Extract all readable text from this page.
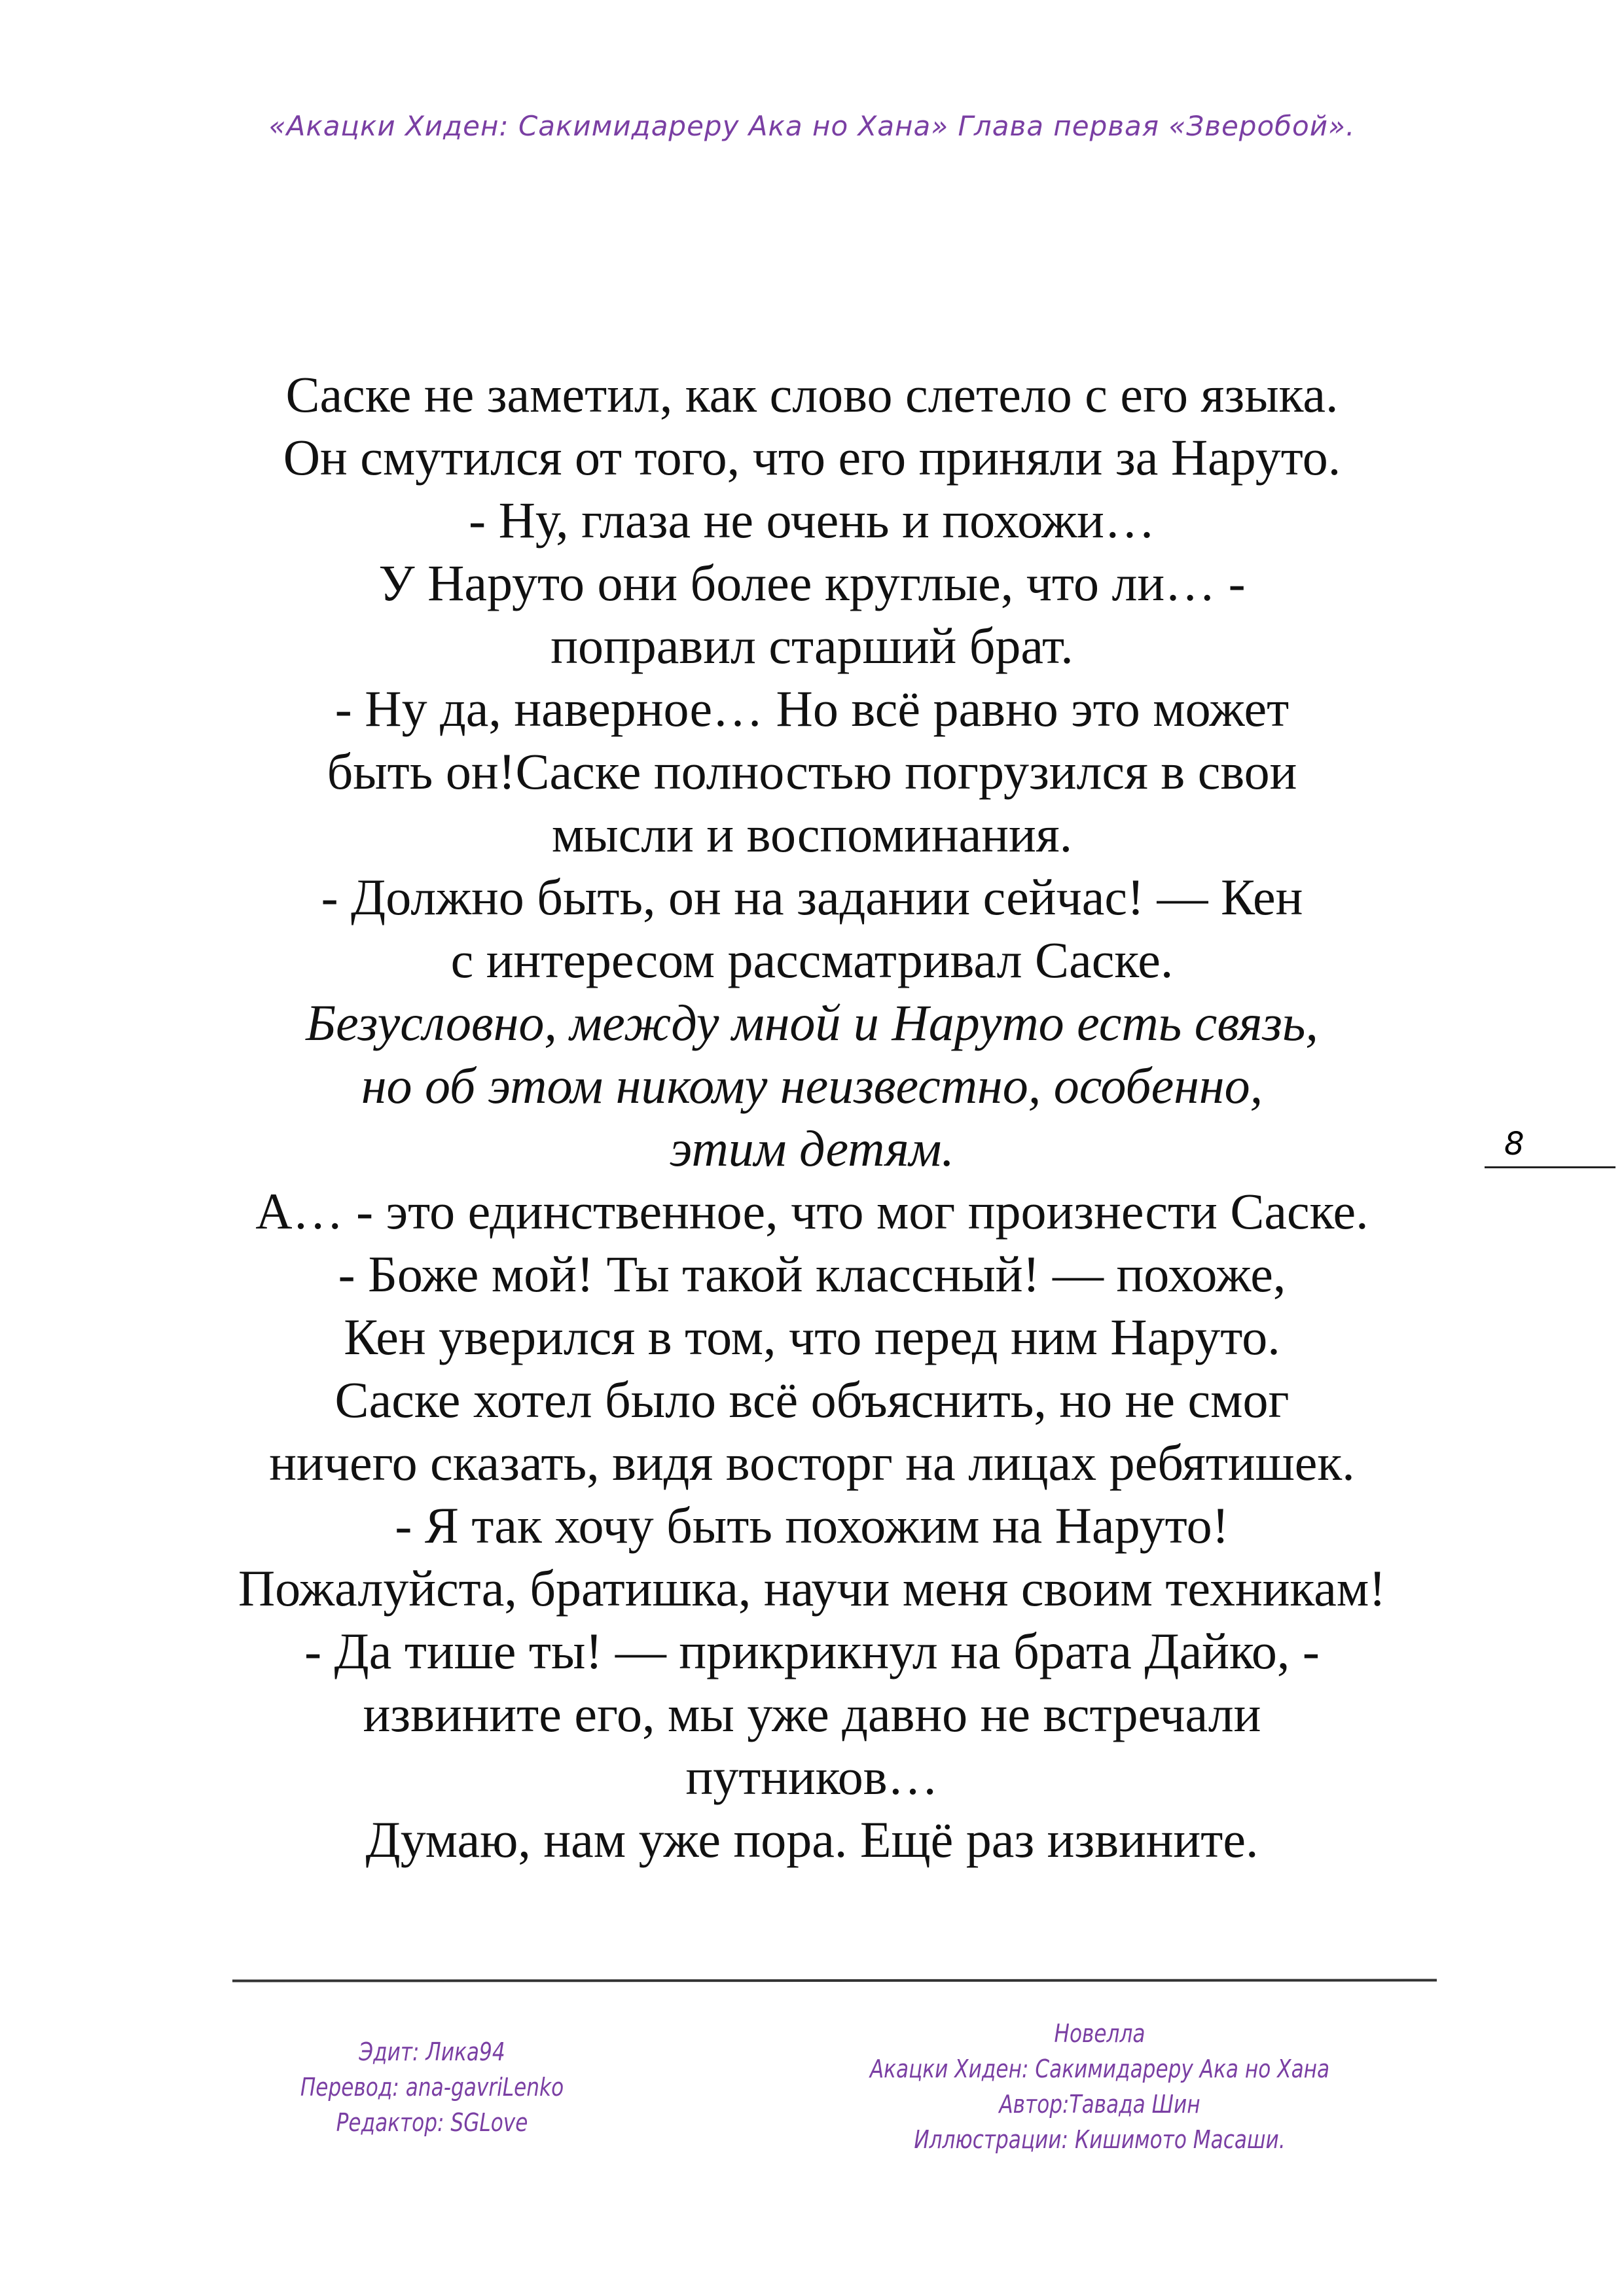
«Акацки Хиден: Сакимидареру Ака но Хана» Глава первая «Зверобой».
Саске не заметил, как слово слетело с его языка.
Он смутился от того, что его приняли за Наруто.
- Ну, глаза не очень и похожи…
У Наруто они более круглые, что ли… -
поправил старший брат.
- Ну да, наверное… Но всё равно это может
быть он!Саске полностью погрузился в свои
мысли и воспоминания.
- Должно быть, он на задании сейчас! — Кен
с интересом рассматривал Саске.
Безусловно, между мной и Наруто есть связь,
но об этом никому неизвестно, особенно,
этим детям.
А… - это единственное, что мог произнести Саске.
- Боже мой! Ты такой классный! — похоже,
Кен уверился в том, что перед ним Наруто.
Саске хотел было всё объяснить, но не смог
ничего сказать, видя восторг на лицах ребятишек.
- Я так хочу быть похожим на Наруто!
Пожалуйста, братишка, научи меня своим техникам!
- Да тише ты! — прикрикнул на брата Дайко, -
извините его, мы уже давно не встречали
путников…
Думаю, нам уже пора. Ещё раз извините.
8
Эдит: Лика94
Перевод: ana-gavriLenko
Редактор: SGLove
Новелла
Акацки Хиден: Сакимидареру Ака но Хана
Автор:Тавада Шин
Иллюстрации: Кишимото Масаши.
